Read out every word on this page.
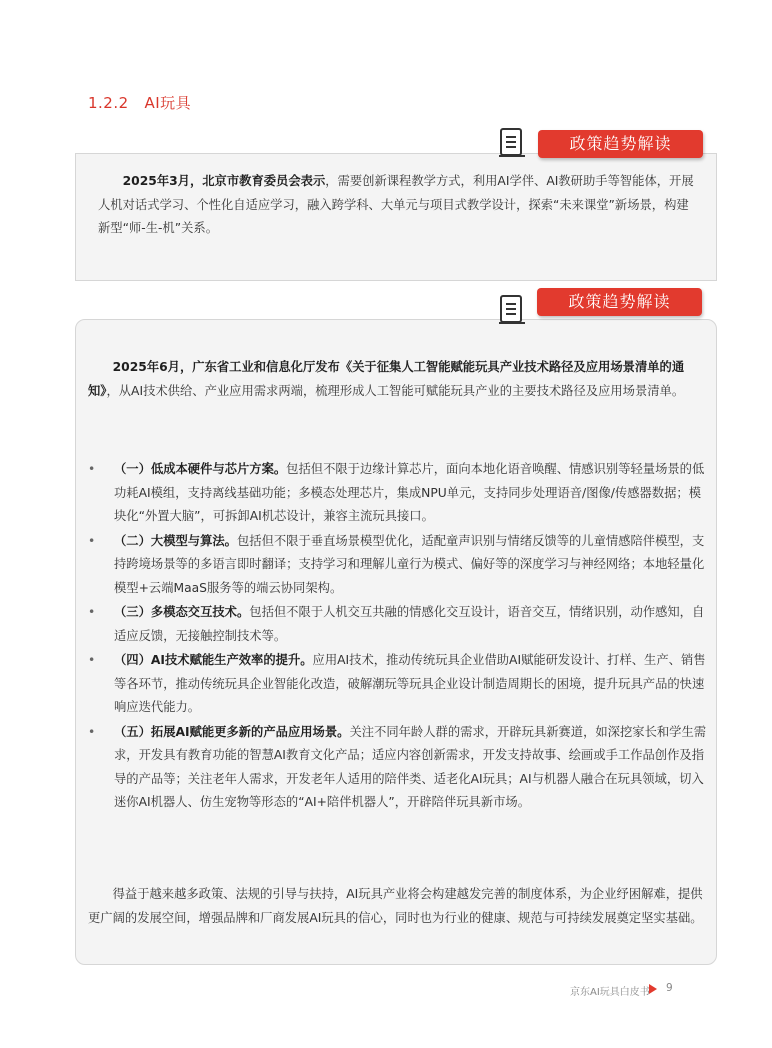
1.2.2 AI玩具
政策趋势解读

2025年3月，北京市教育委员会表示，需要创新课程教学方式，利用AI学伴、AI教研助手等智能体，开展人机对话式学习、个性化自适应学习，融入跨学科、大单元与项目式教学设计，探索“未来课堂”新场景，构建新型“师-生-机”关系。

政策趋势解读

2025年6月，广东省工业和信息化厅发布《关于征集人工智能赋能玩具产业技术路径及应用场景清单的通知》，从AI技术供给、产业应用需求两端，梳理形成人工智能可赋能玩具产业的主要技术路径及应用场景清单。

• （一）低成本硬件与芯片方案。包括但不限于边缘计算芯片，面向本地化语音唤醒、情感识别等轻量场景的低功耗AI模组，支持离线基础功能；多模态处理芯片，集成NPU单元，支持同步处理语音/图像/传感器数据；模块化“外置大脑”，可拆卸AI机芯设计，兼容主流玩具接口。
• （二）大模型与算法。包括但不限于垂直场景模型优化，适配童声识别与情绪反馈等的儿童情感陪伴模型，支持跨境场景等的多语言即时翻译；支持学习和理解儿童行为模式、偏好等的深度学习与神经网络；本地轻量化模型+云端MaaS服务等的端云协同架构。
• （三）多模态交互技术。包括但不限于人机交互共融的情感化交互设计，语音交互，情绪识别，动作感知，自适应反馈，无接触控制技术等。
• （四）AI技术赋能生产效率的提升。应用AI技术，推动传统玩具企业借助AI赋能研发设计、打样、生产、销售等各环节，推动传统玩具企业智能化改造，破解潮玩等玩具企业设计制造周期长的困境，提升玩具产品的快速响应迭代能力。
• （五）拓展AI赋能更多新的产品应用场景。关注不同年龄人群的需求，开辟玩具新赛道，如深挖家长和学生需求，开发具有教育功能的智慧AI教育文化产品；适应内容创新需求，开发支持故事、绘画或手工作品创作及指导的产品等；关注老年人需求，开发老年人适用的陪伴类、适老化AI玩具；AI与机器人融合在玩具领域，切入迷你AI机器人、仿生宠物等形态的“AI+陪伴机器人”，开辟陪伴玩具新市场。

得益于越来越多政策、法规的引导与扶持，AI玩具产业将会构建越发完善的制度体系，为企业纾困解难，提供更广阔的发展空间，增强品牌和厂商发展AI玩具的信心，同时也为行业的健康、规范与可持续发展奠定坚实基础。

京东AI玩具白皮书 9
